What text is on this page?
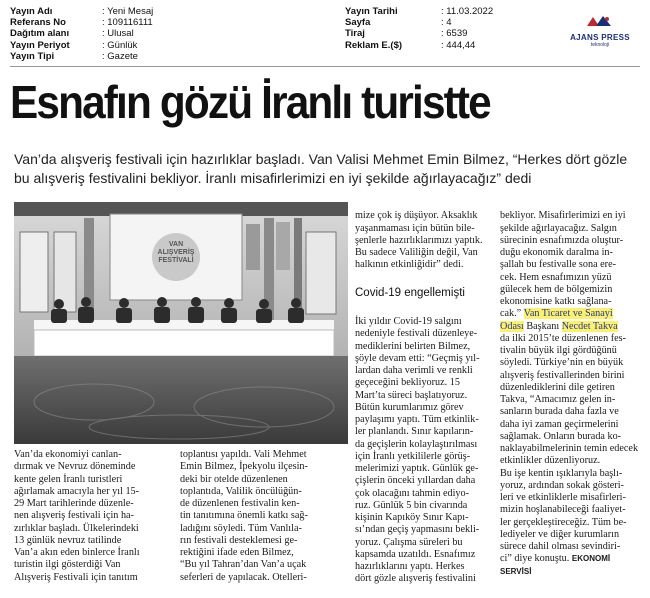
Yayın Adı	: Yeni Mesaj
Referans No	: 109116111
Dağıtım alanı	: Ulusal
Yayın Periyot	: Günlük
Yayın Tipi	: Gazete
Yayın Tarihi	: 11.03.2022
Sayfa	: 4
Tiraj	: 6539
Reklam E.($)	: 444,44
AJANS PRESS
teknoloji
Esnafın gözü İranlı turistte
Van’da alışveriş festivali için hazırlıklar başladı. Van Valisi Mehmet Emin Bilmez, “Herkes dört gözle bu alışveriş festivalini bekliyor. İranlı misafirlerimizi en iyi şekilde ağırlayacağız” dedi
VAN ALIŞVERİŞ FESTİVALİ
Van’da ekonomiyi canlan-
dırmak ve Nevruz döneminde
kente gelen İranlı turistleri
ağırlamak amacıyla her yıl 15-
29 Mart tarihlerinde düzenle-
nen alışveriş festivali için ha-
zırlıklar başladı. Ülkelerindeki
13 günlük nevruz tatilinde
Van’a akın eden binlerce İranlı
turistin ilgi gösterdiği Van
Alışveriş Festivali için tanıtım
toplantısı yapıldı. Vali Mehmet
Emin Bilmez, İpekyolu ilçesin-
deki bir otelde düzenlenen
toplantıda, Valilik öncülüğün-
de düzenlenen festivalin ken-
tin tanıtımına önemli katkı sağ-
ladığını söyledi. Tüm Vanlıla-
rın festivali desteklemesi ge-
rektiğini ifade eden Bilmez,
“Bu yıl Tahran’dan Van’a uçak
seferleri de yapılacak. Otelleri-

mize çok iş düşüyor. Aksaklık
yaşanmaması için bütün bile-
şenlerle hazırlıklarımızı yaptık.
Bu sadece Valiliğin değil, Van
halkının etkinliğidir” dedi.

Covid-19 engellemişti

İki yıldır Covid-19 salgını
nedeniyle festivali düzenleye-
mediklerini belirten Bilmez,
şöyle devam etti: “Geçmiş yıl-
lardan daha verimli ve renkli
geçeceğini bekliyoruz. 15
Mart’ta süreci başlatıyoruz.
Bütün kurumlarımız görev
paylaşımı yaptı. Tüm etkinlik-
ler planlandı. Sınır kapıların-
da geçişlerin kolaylaştırılması
için İranlı yetkililerle görüş-
melerimizi yaptık. Günlük ge-
çişlerin önceki yıllardan daha
çok olacağını tahmin ediyo-
ruz. Günlük 5 bin civarında
kişinin Kapıköy Sınır Kapı-
sı’ndan geçiş yapmasını bekli-
yoruz. Çalışma süreleri bu
kapsamda uzatıldı. Esnafımız
hazırlıklarını yaptı. Herkes
dört gözle alışveriş festivalini

bekliyor. Misafirlerimizi en iyi
şekilde ağırlayacağız. Salgın
sürecinin esnafımızda oluştur-
duğu ekonomik daralma in-
şallah bu festivalle sona ere-
cek. Hem esnafımızın yüzü
gülecek hem de bölgemizin
ekonomisine katkı sağlana-
cak.” Van Ticaret ve Sanayi
Odası Başkanı Necdet Takva
da ilki 2015’te düzenlenen fes-
tivalin büyük ilgi gördüğünü
söyledi. Türkiye’nin en büyük
alışveriş festivallerinden birini
düzenlediklerini dile getiren
Takva, “Amacımız gelen in-
sanların burada daha fazla ve
daha iyi zaman geçirmelerini
sağlamak. Onların burada ko-
naklayabilmelerinin temin edecek
etkinlikler düzenliyoruz.
Bu işe kentin ışıklarıyla başlı-
yoruz, ardından sokak gösteri-
leri ve etkinliklerle misafirleri-
mizin hoşlanabileceği faaliyet-
ler gerçekleştireceğiz. Tüm be-
lediyeler ve diğer kurumların
sürece dahil olması sevindiri-
ci” diye konuştu. EKONOMİ SERVİSİ
